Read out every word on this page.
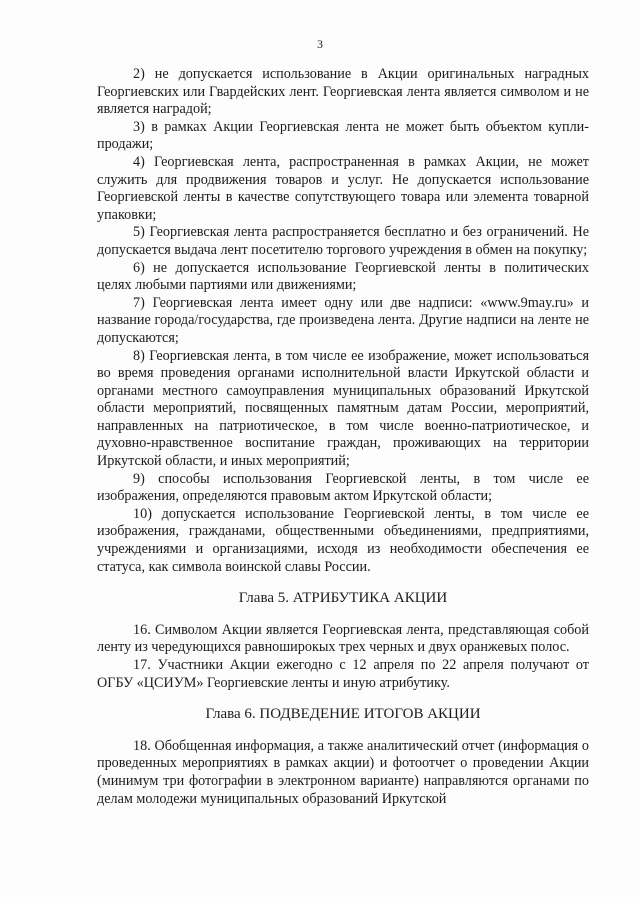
3

2) не допускается использование в Акции оригинальных наградных Георгиевских или Гвардейских лент. Георгиевская лента является символом и не является наградой;

3) в рамках Акции Георгиевская лента не может быть объектом купли-продажи;

4) Георгиевская лента, распространенная в рамках Акции, не может служить для продвижения товаров и услуг. Не допускается использование Георгиевской ленты в качестве сопутствующего товара или элемента товарной упаковки;

5) Георгиевская лента распространяется бесплатно и без ограничений. Не допускается выдача лент посетителю торгового учреждения в обмен на покупку;

6) не допускается использование Георгиевской ленты в политических целях любыми партиями или движениями;

7) Георгиевская лента имеет одну или две надписи: «www.9may.ru» и название города/государства, где произведена лента. Другие надписи на ленте не допускаются;

8) Георгиевская лента, в том числе ее изображение, может использоваться во время проведения органами исполнительной власти Иркутской области и органами местного самоуправления муниципальных образований Иркутской области мероприятий, посвященных памятным датам России, мероприятий, направленных на патриотическое, в том числе военно-патриотическое, и духовно-нравственное воспитание граждан, проживающих на территории Иркутской области, и иных мероприятий;

9) способы использования Георгиевской ленты, в том числе ее изображения, определяются правовым актом Иркутской области;

10) допускается использование Георгиевской ленты, в том числе ее изображения, гражданами, общественными объединениями, предприятиями, учреждениями и организациями, исходя из необходимости обеспечения ее статуса, как символа воинской славы России.

Глава 5. АТРИБУТИКА АКЦИИ

16. Символом Акции является Георгиевская лента, представляющая собой ленту из чередующихся равноширокых трех черных и двух оранжевых полос.

17. Участники Акции ежегодно с 12 апреля по 22 апреля получают от ОГБУ «ЦСИУМ» Георгиевские ленты и иную атрибутику.

Глава 6. ПОДВЕДЕНИЕ ИТОГОВ АКЦИИ

18. Обобщенная информация, а также аналитический отчет (информация о проведенных мероприятиях в рамках акции) и фотоотчет о проведении Акции (минимум три фотографии в электронном варианте) направляются органами по делам молодежи муниципальных образований Иркутской
